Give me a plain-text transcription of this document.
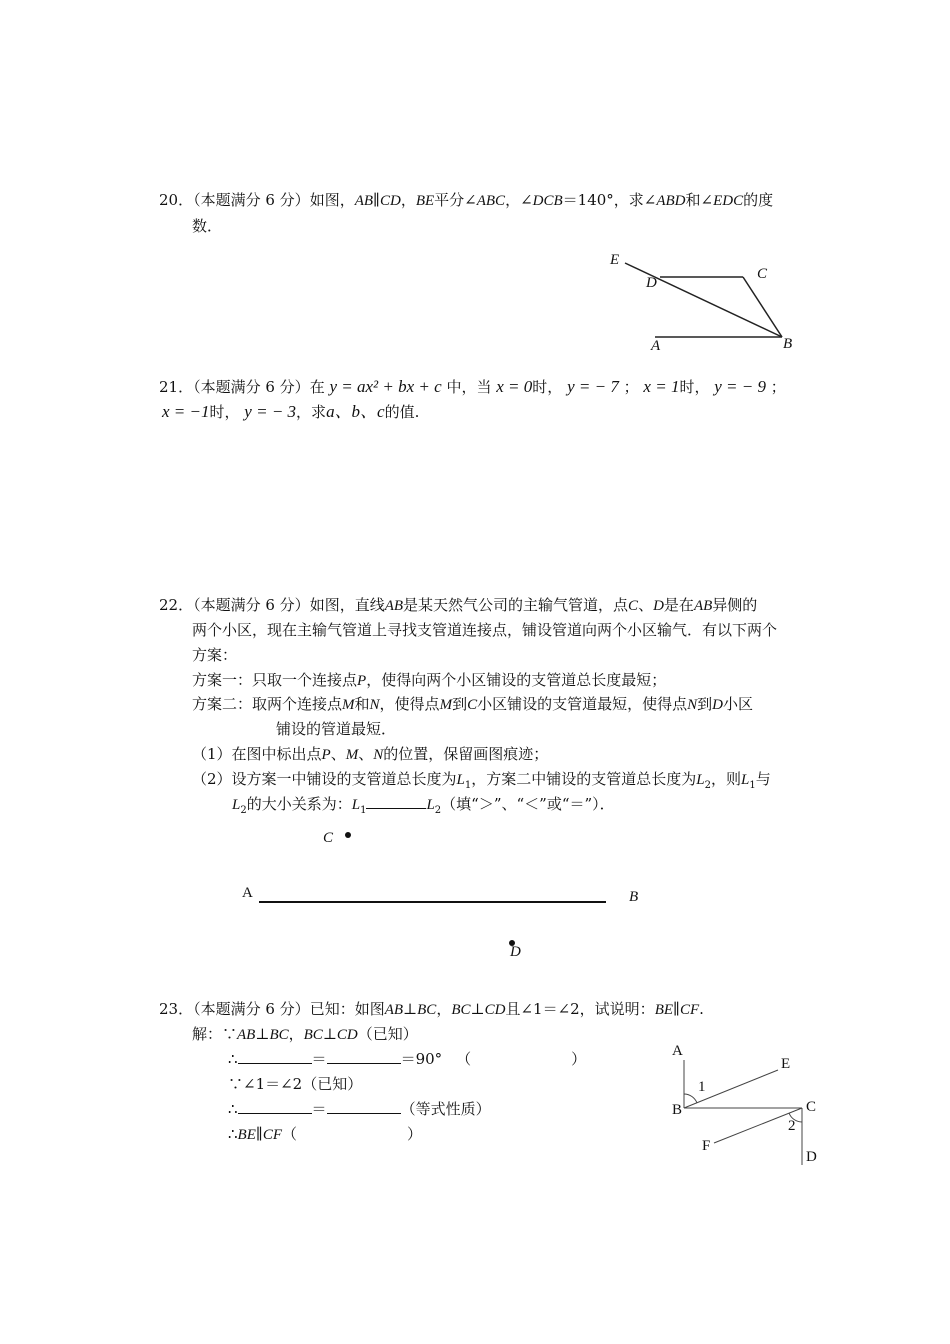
20．（本题满分 6 分）如图，AB∥CD，BE平分∠ABC，∠DCB＝140°，求∠ABD和∠EDC的度
数．
E
D
C
A	B
21．（本题满分 6 分）在 y = ax² + bx + c 中，当 x = 0时， y = − 7 ； x = 1时， y = − 9 ；
x = −1时， y = − 3，求a、b、c的值.
22．（本题满分 6 分）如图，直线AB是某天然气公司的主输气管道，点C、D是在AB异侧的
两个小区，现在主输气管道上寻找支管道连接点，铺设管道向两个小区输气．有以下两个
方案：
方案一：只取一个连接点P，使得向两个小区铺设的支管道总长度最短；
方案二：取两个连接点M和N，使得点M到C小区铺设的支管道最短，使得点N到D小区
铺设的管道最短．
（1）在图中标出点P、M、N的位置，保留画图痕迹；
（2）设方案一中铺设的支管道总长度为$L_1$，方案二中铺设的支管道总长度为$L_2$，则$L_1$与
$L_2$的大小关系为：$L_1$	$L_2$（填“＞”、“＜”或“＝”）．
C
A	B
D
23．（本题满分 6 分）已知：如图AB⊥BC，BC⊥CD且∠1＝∠2，试说明：BE∥CF.
解：∵AB⊥BC，BC⊥CD（已知）
∴	＝	＝90° （	）
∵∠1＝∠2（已知）
∴	＝	（等式性质）
∴BE∥CF（	）
A
E
1
B	C
2
F
D
